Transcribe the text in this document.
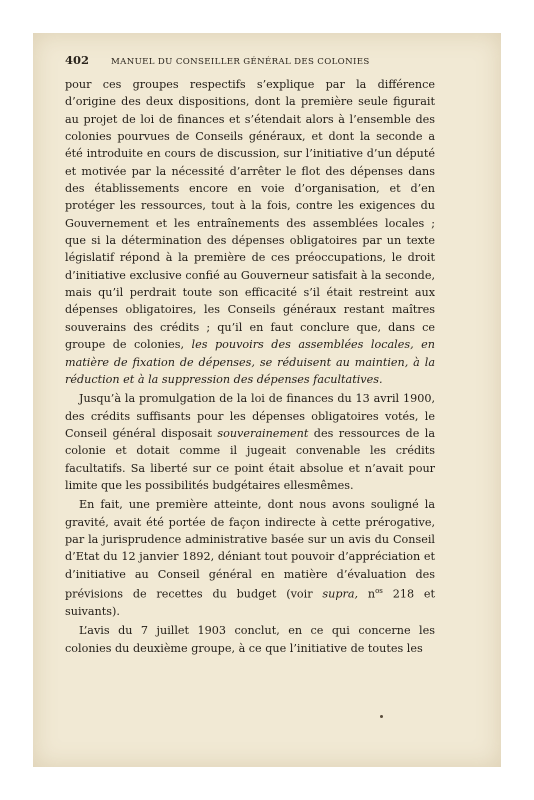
402	MANUEL DU CONSEILLER GÉNÉRAL DES COLONIES

pour ces groupes respectifs s’explique par la différence d’origine des deux dispositions, dont la première seule figurait au projet de loi de finances et s’étendait alors à l’ensemble des colonies pourvues de Conseils généraux, et dont la seconde a été introduite en cours de discussion, sur l’initiative d’un député et motivée par la nécessité d’arrêter le flot des dépenses dans des établissements encore en voie d’organisation, et d’en protéger les ressources, tout à la fois, contre les exigences du Gouvernement et les entraînements des assemblées locales ; que si la détermination des dépenses obligatoires par un texte législatif répond à la première de ces préoccupations, le droit d’initiative exclusive confié au Gouverneur satisfait à la seconde, mais qu’il perdrait toute son efficacité s’il était restreint aux dépenses obligatoires, les Conseils généraux restant maîtres souverains des crédits ; qu’il en faut conclure que, dans ce groupe de colonies, les pouvoirs des assemblées locales, en matière de fixation de dépenses, se réduisent au maintien, à la réduction et à la suppression des dépenses facultatives.

Jusqu’à la promulgation de la loi de finances du 13 avril 1900, des crédits suffisants pour les dépenses obligatoires votés, le Conseil général disposait souverainement des ressources de la colonie et dotait comme il jugeait convenable les crédits facultatifs. Sa liberté sur ce point était absolue et n’avait pour limite que les possibilités budgétaires ellesmêmes.

En fait, une première atteinte, dont nous avons souligné la gravité, avait été portée de façon indirecte à cette prérogative, par la jurisprudence administrative basée sur un avis du Conseil d’Etat du 12 janvier 1892, déniant tout pouvoir d’appréciation et d’initiative au Conseil général en matière d’évaluation des prévisions de recettes du budget (voir supra, $n^{os}$ 218 et suivants).

L’avis du 7 juillet 1903 conclut, en ce qui concerne les colonies du deuxième groupe, à ce que l’initiative de toutes les
